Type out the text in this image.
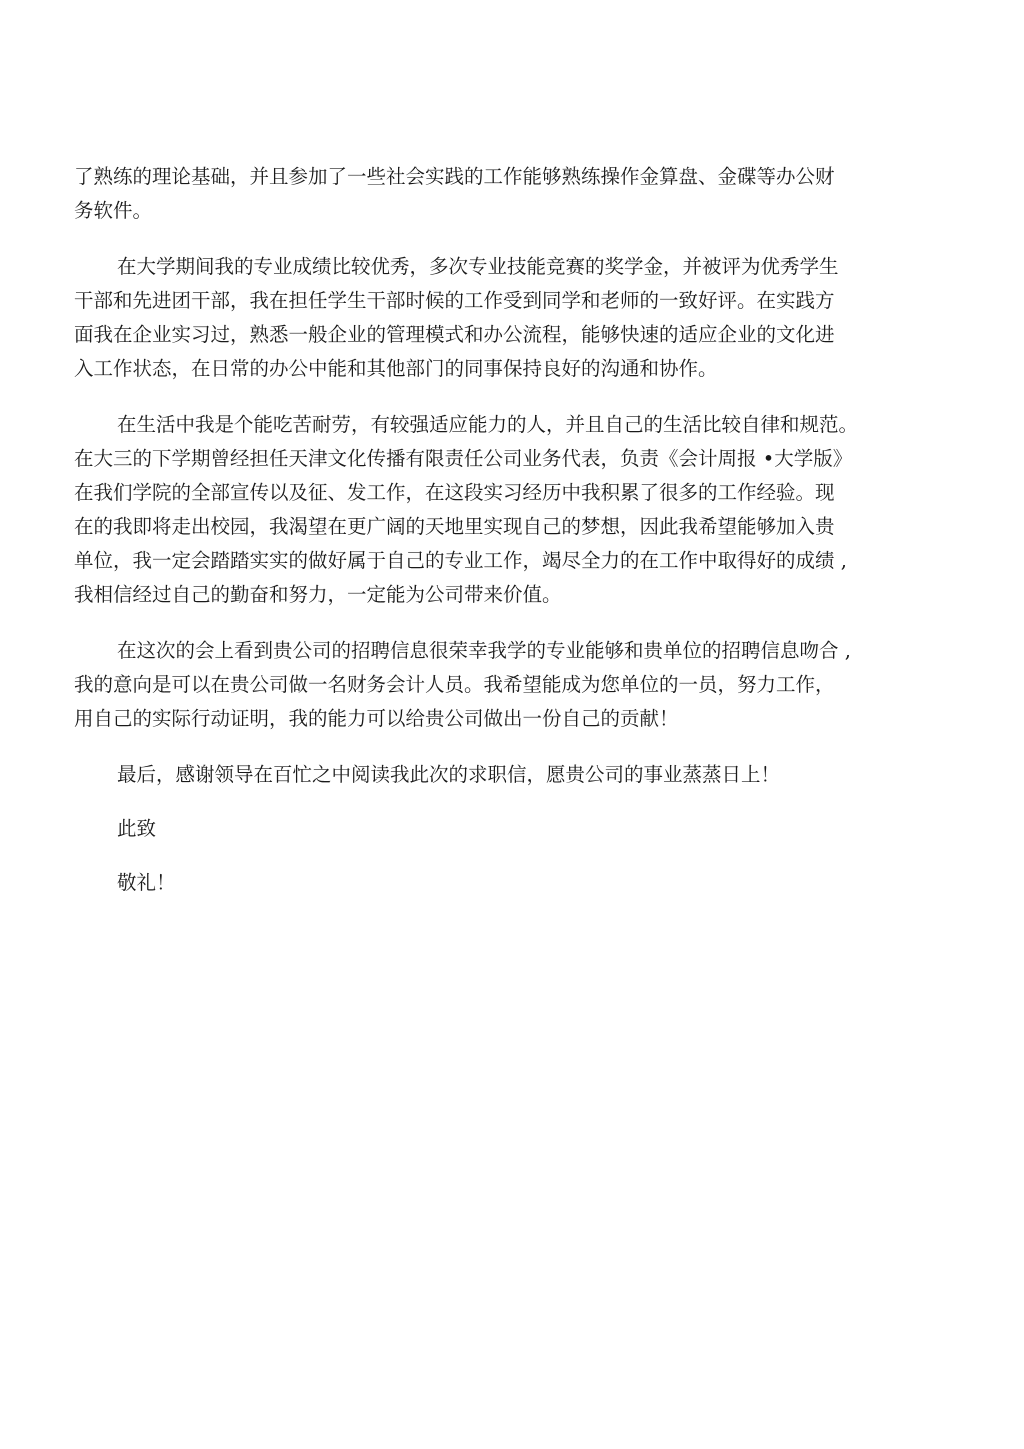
了熟练的理论基础，并且参加了一些社会实践的工作能够熟练操作金算盘、金碟等办公财
务软件。
在大学期间我的专业成绩比较优秀，多次专业技能竞赛的奖学金，并被评为优秀学生
干部和先进团干部，我在担任学生干部时候的工作受到同学和老师的一致好评。在实践方
面我在企业实习过，熟悉一般企业的管理模式和办公流程，能够快速的适应企业的文化进
入工作状态，在日常的办公中能和其他部门的同事保持良好的沟通和协作。
在生活中我是个能吃苦耐劳，有较强适应能力的人，并且自己的生活比较自律和规范。
在大三的下学期曾经担任天津文化传播有限责任公司业务代表，负责《会计周报 •大学版》
在我们学院的全部宣传以及征、发工作，在这段实习经历中我积累了很多的工作经验。现
在的我即将走出校园，我渴望在更广阔的天地里实现自己的梦想，因此我希望能够加入贵
单位，我一定会踏踏实实的做好属于自己的专业工作，竭尽全力的在工作中取得好的成绩 ,
我相信经过自己的勤奋和努力，一定能为公司带来价值。
在这次的会上看到贵公司的招聘信息很荣幸我学的专业能够和贵单位的招聘信息吻合 ,
我的意向是可以在贵公司做一名财务会计人员。我希望能成为您单位的一员，努力工作，
用自己的实际行动证明，我的能力可以给贵公司做出一份自己的贡献！
最后，感谢领导在百忙之中阅读我此次的求职信，愿贵公司的事业蒸蒸日上！
此致
敬礼！
